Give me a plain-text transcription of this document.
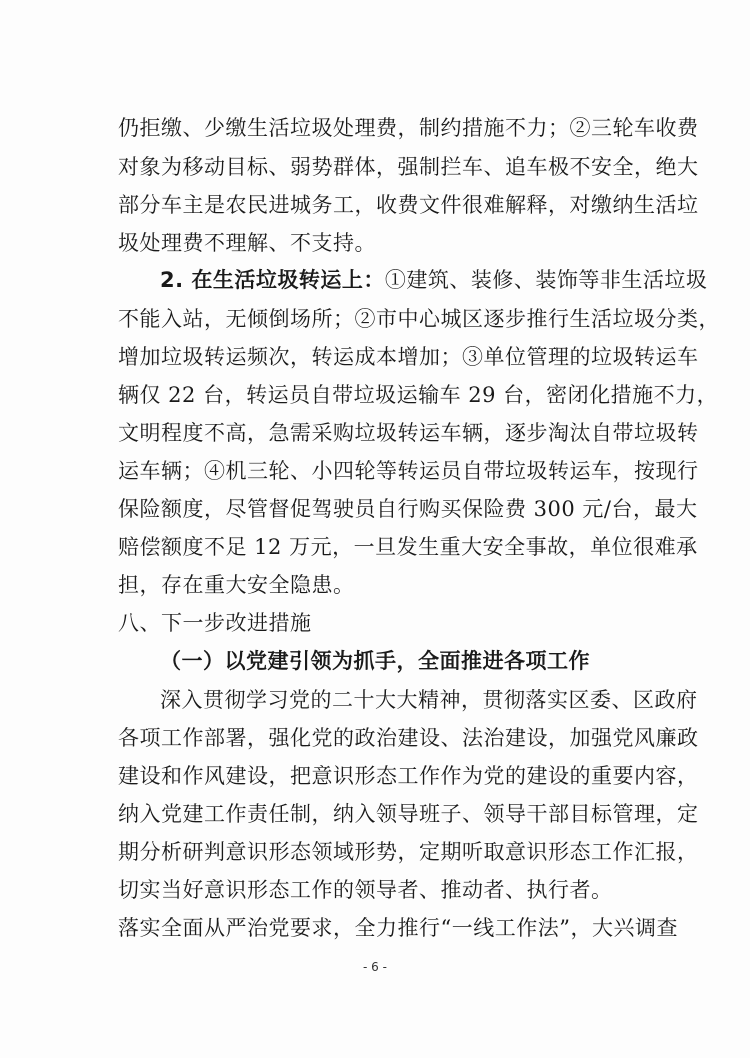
仍拒缴、少缴生活垃圾处理费，制约措施不力；②三轮车收费
对象为移动目标、弱势群体，强制拦车、追车极不安全，绝大
部分车主是农民进城务工，收费文件很难解释，对缴纳生活垃
圾处理费不理解、不支持。
2. 在生活垃圾转运上：①建筑、装修、装饰等非生活垃圾
不能入站，无倾倒场所；②市中心城区逐步推行生活垃圾分类，
增加垃圾转运频次，转运成本增加；③单位管理的垃圾转运车
辆仅 22 台，转运员自带垃圾运输车 29 台，密闭化措施不力，
文明程度不高，急需采购垃圾转运车辆，逐步淘汰自带垃圾转
运车辆；④机三轮、小四轮等转运员自带垃圾转运车，按现行
保险额度，尽管督促驾驶员自行购买保险费 300 元/台，最大
赔偿额度不足 12 万元，一旦发生重大安全事故，单位很难承
担，存在重大安全隐患。
八、下一步改进措施
（一）以党建引领为抓手，全面推进各项工作
深入贯彻学习党的二十大大精神，贯彻落实区委、区政府
各项工作部署，强化党的政治建设、法治建设，加强党风廉政
建设和作风建设，把意识形态工作作为党的建设的重要内容，
纳入党建工作责任制，纳入领导班子、领导干部目标管理，定
期分析研判意识形态领域形势，定期听取意识形态工作汇报，
切实当好意识形态工作的领导者、推动者、执行者。
落实全面从严治党要求，全力推行“一线工作法”，大兴调查
- 6 -
